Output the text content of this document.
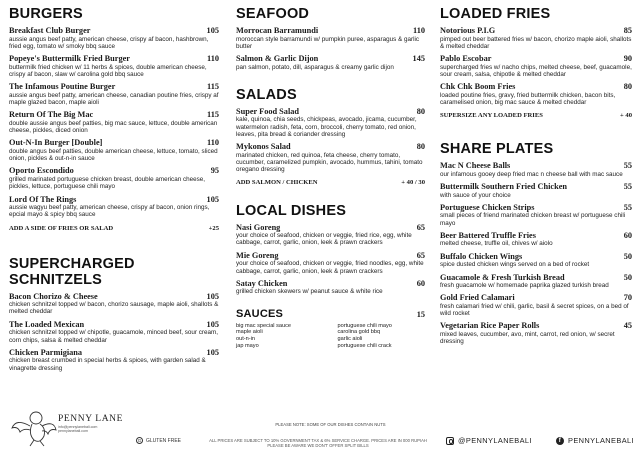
BURGERS
Breakfast Club Burger	105
aussie angus beef patty, american cheese, crispy af bacon, hashbrown, fried egg, tomato w/ smoky bbq sauce
Popeye's Buttermilk Fried Burger	110
buttermilk fried chicken w/ 11 herbs & spices, double american cheese, crispy af bacon, slaw w/ carolina gold bbq sauce
The Infamous Poutine Burger	115
aussie angus beef patty, american cheese, canadian poutine fries, crispy af maple glazed bacon, maple aioli
Return Of The Big Mac	115
double aussie angus beef patties, big mac sauce, lettuce, double american cheese, pickles, diced onion
Out-N-In Burger [Double]	110
double angus beef patties, double american cheese, lettuce, tomato, sliced onion, pickles & out-n-in sauce
Oporto Escondido	95
grilled marinated portuguese chicken breast, double american cheese, pickles, lettuce, portuguese chili mayo
Lord Of The Rings	105
aussie wagyu beef patty, american cheese, crispy af bacon, onion rings, epcial mayo & spicy bbq sauce
ADD A SIDE OF FRIES OR SALAD	+25
SUPERCHARGED SCHNITZELS
Bacon Chorizo & Cheese	105
chicken schnitzel topped w/ bacon, chorizo sausage, maple aioli, shallots & melted cheddar
The Loaded Mexican	105
chicken schnitzel topped w/ chipotle, guacamole, minced beef, sour cream, corn chips, salsa & melted cheddar
Chicken Parmigiana	105
chicken breast crumbed in special herbs & spices, with garden salad & vinagrette dressing
SEAFOOD
Morrocan Barramundi	110
moroccan style barramundi w/ pumpkin puree, asparagus & garlic butter
Salmon & Garlic Dijon	145
pan salmon, potato, dill, asparagus & creamy garlic dijon
SALADS
Super Food Salad	80
kale, quinoa, chia seeds, chickpeas, avocado, jicama, cucumber, watermelon radish, feta, corn, broccoli, cherry tomato, red onion, leaves, pita bread & coriander dressing
Mykonos Salad	80
marinated chicken, red quinoa, feta cheese, cherry tomato, cucumber, caramelized pumpkin, avocado, hummus, tahini, tomato oregano dressing
ADD SALMON / CHICKEN	+ 40 / 30
LOCAL DISHES
Nasi Goreng	65
your choice of seafood, chicken or veggie, fried rice, egg, white cabbage, carrot, garlic, onion, leek & prawn crackers
Mie Goreng	65
your choice of seafood, chicken or veggie, fried noodles, egg, white cabbage, carrot, garlic, onion, leek & prawn crackers
Satay Chicken	60
grilled chicken skewers w/ peanut sauce & white rice
SAUCES	15
big mac special sauce
maple aioli
out-n-in
jap mayo
portuguese chili mayo
carolina gold bbq
garlic aioli
portuguese chili crack
LOADED FRIES
Notorious P.I.G	85
pimped out beer battered fries w/ bacon, chorizo maple aioli, shallots & melted cheddar
Pablo Escobar	90
supercharged fries w/ nacho chips, melted cheese, beef, guacamole, sour cream, salsa, chipotle & melted cheddar
Chk Chk Boom Fries	80
loaded poutine fries, gravy, fried buttermilk chicken, bacon bits, caramelised onion, big mac sauce & melted cheddar
SUPERSIZE ANY LOADED FRIES	+ 40
SHARE PLATES
Mac N Cheese Balls	55
our infamous gooey deep fried mac n cheese ball with mac sauce
Buttermilk Southern Fried Chicken	55
with sauce of your choice
Portuguese Chicken Strips	55
small pieces of friend marinated chicken breast w/ portuguese chili mayo
Beer Battered Truffle Fries	60
melted cheese, truffle oil, chives w/ aiolo
Buffalo Chicken Wings	50
spice dusted chicken wings served on a bed of rocket
Guacamole & Fresh Turkish Bread	50
fresh guacamole w/ homemade paprika glazed turkish bread
Gold Fried Calamari	70
fresh calamari fried w/ chili, garlic, basil & secret spices, on a bed of wild rocket
Vegetarian Rice Paper Rolls	45
mixed leaves, cucumber, avo, mint, carrot, red onion, w/ secret dressing
PENNY LANE
info@pennylanebali.com
pennylanebali.com
G GLUTEN FREE
PLEASE NOTE: SOME OF OUR DISHES CONTAIN NUTS
ALL PRICES ARE SUBJECT TO 10% GOVERNMENT TAX & 6% SERVICE CHARGE. PRICES ARE IN 000 RUPIAH
PLEASE BE AWARE WE DON'T OFFER SPLIT BILLS
@PENNYLANEBALI	f PENNYLANEBALI
